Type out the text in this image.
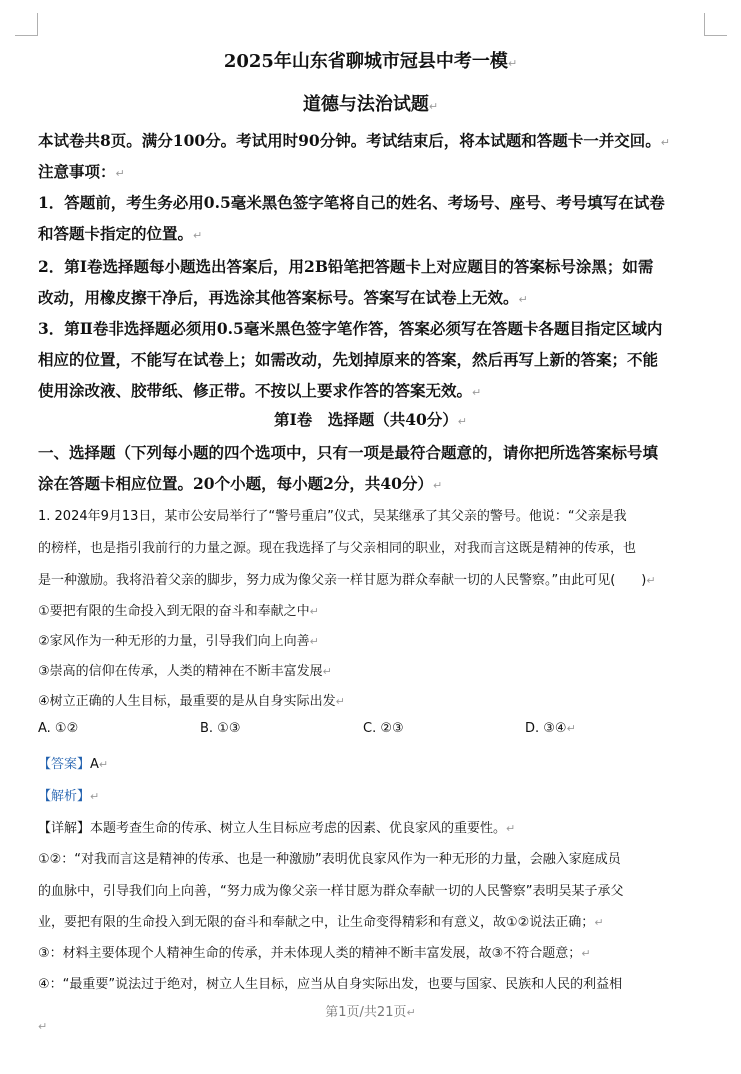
2025年山东省聊城市冠县中考一模↵
道德与法治试题↵
本试卷共8页。满分100分。考试用时90分钟。考试结束后，将本试题和答题卡一并交回。↵
注意事项：↵
1．答题前，考生务必用0.5毫米黑色签字笔将自己的姓名、考场号、座号、考号填写在试卷
和答题卡指定的位置。↵
2．第Ⅰ卷选择题每小题选出答案后，用2B铅笔把答题卡上对应题目的答案标号涂黑；如需
改动，用橡皮擦干净后，再选涂其他答案标号。答案写在试卷上无效。↵
3．第Ⅱ卷非选择题必须用0.5毫米黑色签字笔作答，答案必须写在答题卡各题目指定区域内
相应的位置，不能写在试卷上；如需改动，先划掉原来的答案，然后再写上新的答案；不能
使用涂改液、胶带纸、修正带。不按以上要求作答的答案无效。↵
第Ⅰ卷　选择题（共40分）↵
一、选择题（下列每小题的四个选项中，只有一项是最符合题意的，请你把所选答案标号填
涂在答题卡相应位置。20个小题，每小题2分，共40分）↵
1. 2024年9月13日，某市公安局举行了“警号重启”仪式，吴某继承了其父亲的警号。他说：“父亲是我
的榜样，也是指引我前行的力量之源。现在我选择了与父亲相同的职业，对我而言这既是精神的传承，也
是一种激励。我将沿着父亲的脚步，努力成为像父亲一样甘愿为群众奉献一切的人民警察。”由此可见(　　)↵
①要把有限的生命投入到无限的奋斗和奉献之中↵
②家风作为一种无形的力量，引导我们向上向善↵
③崇高的信仰在传承，人类的精神在不断丰富发展↵
④树立正确的人生目标，最重要的是从自身实际出发↵
A. ①②	B. ①③	C. ②③	D. ③④↵
【答案】A↵
【解析】↵
【详解】本题考查生命的传承、树立人生目标应考虑的因素、优良家风的重要性。↵
①②：“对我而言这是精神的传承、也是一种激励”表明优良家风作为一种无形的力量，会融入家庭成员
的血脉中，引导我们向上向善，“努力成为像父亲一样甘愿为群众奉献一切的人民警察”表明吴某子承父
业，要把有限的生命投入到无限的奋斗和奉献之中，让生命变得精彩和有意义，故①②说法正确；↵
③：材料主要体现个人精神生命的传承，并未体现人类的精神不断丰富发展，故③不符合题意；↵
④：“最重要”说法过于绝对，树立人生目标，应当从自身实际出发，也要与国家、民族和人民的利益相
第1页/共21页↵
↵
